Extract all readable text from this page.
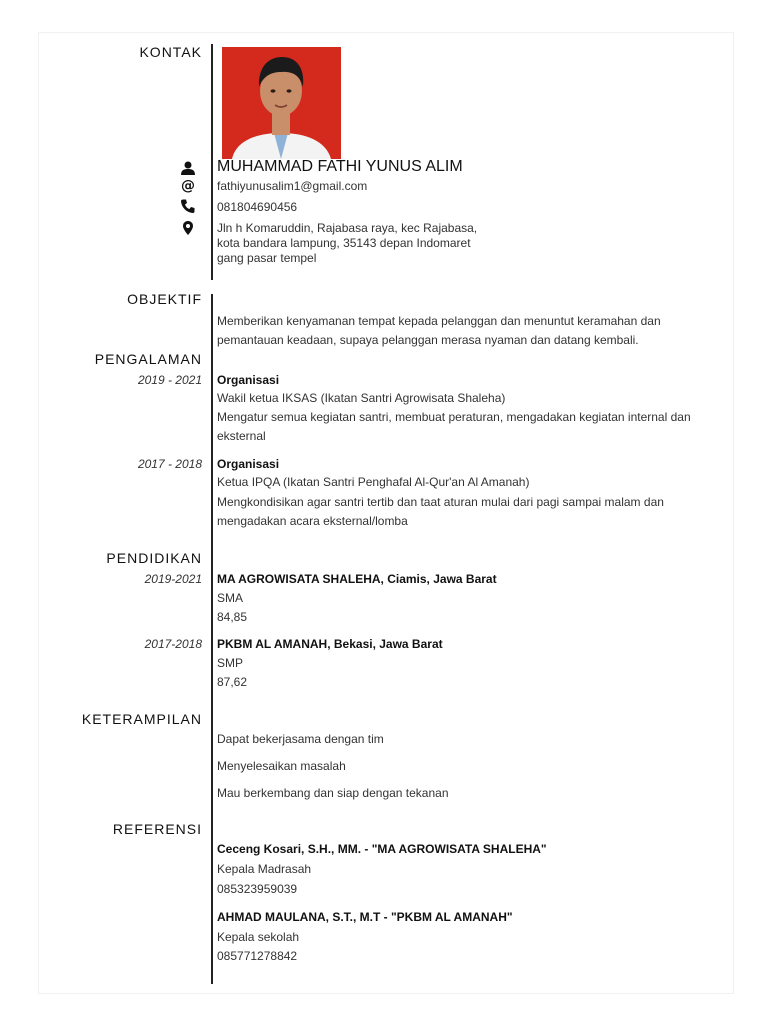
KONTAK
MUHAMMAD FATHI YUNUS ALIM
@ fathiyunusalim1@gmail.com
081804690456
Jln h Komaruddin, Rajabasa raya, kec Rajabasa,
kota bandara lampung, 35143 depan Indomaret
gang pasar tempel
OBJEKTIF
Memberikan kenyamanan tempat kepada pelanggan dan menuntut keramahan dan pemantauan keadaan, supaya pelanggan merasa nyaman dan datang kembali.
PENGALAMAN
2019 - 2021 Organisasi
Wakil ketua IKSAS (Ikatan Santri Agrowisata Shaleha)
Mengatur semua kegiatan santri, membuat peraturan, mengadakan kegiatan internal dan eksternal
2017 - 2018 Organisasi
Ketua IPQA (Ikatan Santri Penghafal Al-Qur'an Al Amanah)
Mengkondisikan agar santri tertib dan taat aturan mulai dari pagi sampai malam dan mengadakan acara eksternal/lomba
PENDIDIKAN
2019-2021 MA AGROWISATA SHALEHA, Ciamis, Jawa Barat
SMA
84,85
2017-2018 PKBM AL AMANAH, Bekasi, Jawa Barat
SMP
87,62
KETERAMPILAN
Dapat bekerjasama dengan tim
Menyelesaikan masalah
Mau berkembang dan siap dengan tekanan
REFERENSI
Ceceng Kosari, S.H., MM. - "MA AGROWISATA SHALEHA"
Kepala Madrasah
085323959039
AHMAD MAULANA, S.T., M.T - "PKBM AL AMANAH"
Kepala sekolah
085771278842
